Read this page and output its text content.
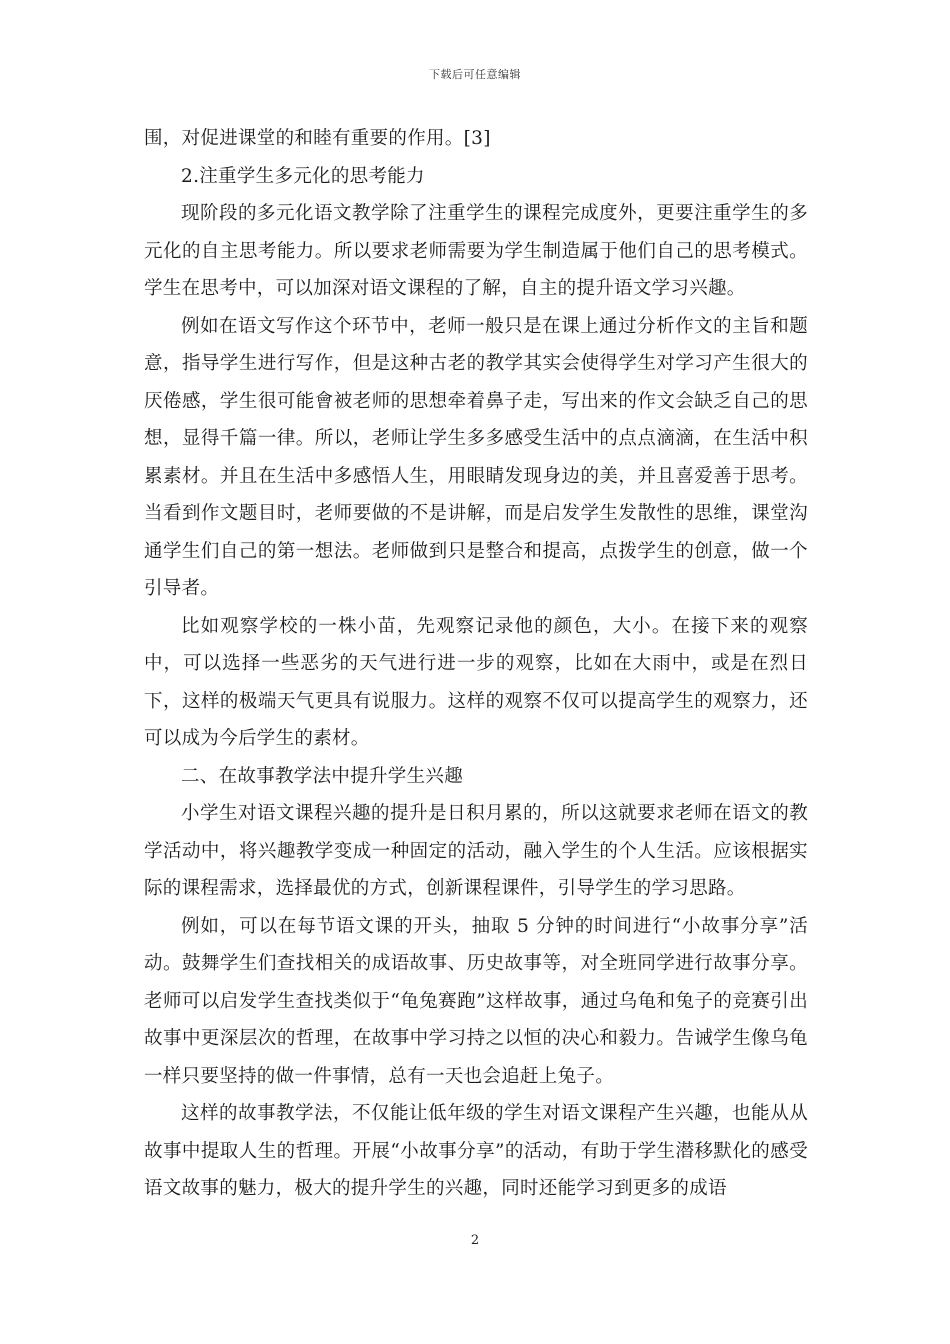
下载后可任意编辑

围，对促进课堂的和睦有重要的作用。[3]

2.注重学生多元化的思考能力

现阶段的多元化语文教学除了注重学生的课程完成度外，更要注重学生的多元化的自主思考能力。所以要求老师需要为学生制造属于他们自己的思考模式。学生在思考中，可以加深对语文课程的了解，自主的提升语文学习兴趣。

例如在语文写作这个环节中，老师一般只是在课上通过分析作文的主旨和题意，指导学生进行写作，但是这种古老的教学其实会使得学生对学习产生很大的厌倦感，学生很可能會被老师的思想牵着鼻子走，写出来的作文会缺乏自己的思想，显得千篇一律。所以，老师让学生多多感受生活中的点点滴滴，在生活中积累素材。并且在生活中多感悟人生，用眼睛发现身边的美，并且喜爱善于思考。当看到作文题目时，老师要做的不是讲解，而是启发学生发散性的思维，课堂沟通学生们自己的第一想法。老师做到只是整合和提高，点拨学生的创意，做一个引导者。

比如观察学校的一株小苗，先观察记录他的颜色，大小。在接下来的观察中，可以选择一些恶劣的天气进行进一步的观察，比如在大雨中，或是在烈日下，这样的极端天气更具有说服力。这样的观察不仅可以提高学生的观察力，还可以成为今后学生的素材。

二、在故事教学法中提升学生兴趣

小学生对语文课程兴趣的提升是日积月累的，所以这就要求老师在语文的教学活动中，将兴趣教学变成一种固定的活动，融入学生的个人生活。应该根据实际的课程需求，选择最优的方式，创新课程课件，引导学生的学习思路。

例如，可以在每节语文课的开头，抽取 5 分钟的时间进行“小故事分享”活动。鼓舞学生们查找相关的成语故事、历史故事等，对全班同学进行故事分享。老师可以启发学生查找类似于“龟兔赛跑”这样故事，通过乌龟和兔子的竞赛引出故事中更深层次的哲理，在故事中学习持之以恒的决心和毅力。告诫学生像乌龟一样只要坚持的做一件事情，总有一天也会追赶上兔子。

这样的故事教学法，不仅能让低年级的学生对语文课程产生兴趣，也能从从故事中提取人生的哲理。开展“小故事分享”的活动，有助于学生潜移默化的感受语文故事的魅力，极大的提升学生的兴趣，同时还能学习到更多的成语

2
